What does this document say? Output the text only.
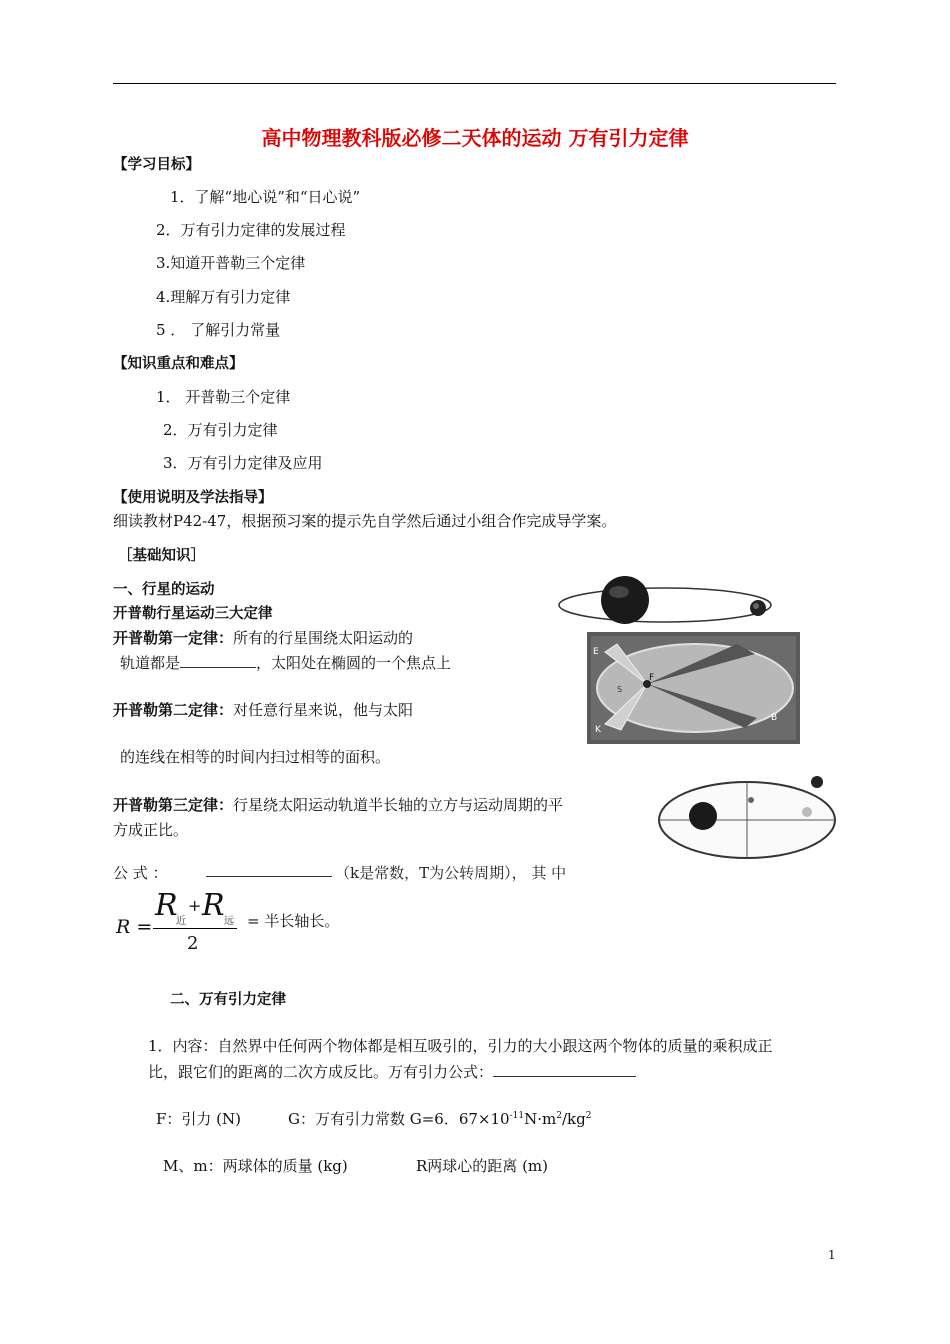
高中物理教科版必修二天体的运动 万有引力定律
【学习目标】
1．了解“地心说”和“日心说”
2．万有引力定律的发展过程
3.知道开普勒三个定律
4.理解万有引力定律
5 ． 了解引力常量
【知识重点和难点】
1． 开普勒三个定律
2．万有引力定律
3．万有引力定律及应用
【使用说明及学法指导】
细读教材P42-47，根据预习案的提示先自学然后通过小组合作完成导学案。
［基础知识］
一、行星的运动
开普勒行星运动三大定律
开普勒第一定律：所有的行星围绕太阳运动的
轨道都是	，太阳处在椭圆的一个焦点上
开普勒第二定律：对任意行星来说，他与太阳
的连线在相等的时间内扫过相等的面积。
开普勒第三定律：行星绕太阳运动轨道半长轴的立方与运动周期的平
方成正比。
公 式 ：	（k是常数，T为公转周期）， 其 中
R =
R
近
+ R 远
2
= 半长轴长。
二、万有引力定律
1．内容：自然界中任何两个物体都是相互吸引的，引力的大小跟这两个物体的质量的乘积成正
比，跟它们的距离的二次方成反比。万有引力公式：
F：引力 (N)	G：万有引力常数 G=6．$67\times 10^{-11}N\cdot m^2/kg^2$
M、m：两球体的质量 (kg)	R两球心的距离 (m)
1
F
E
K
B
S
